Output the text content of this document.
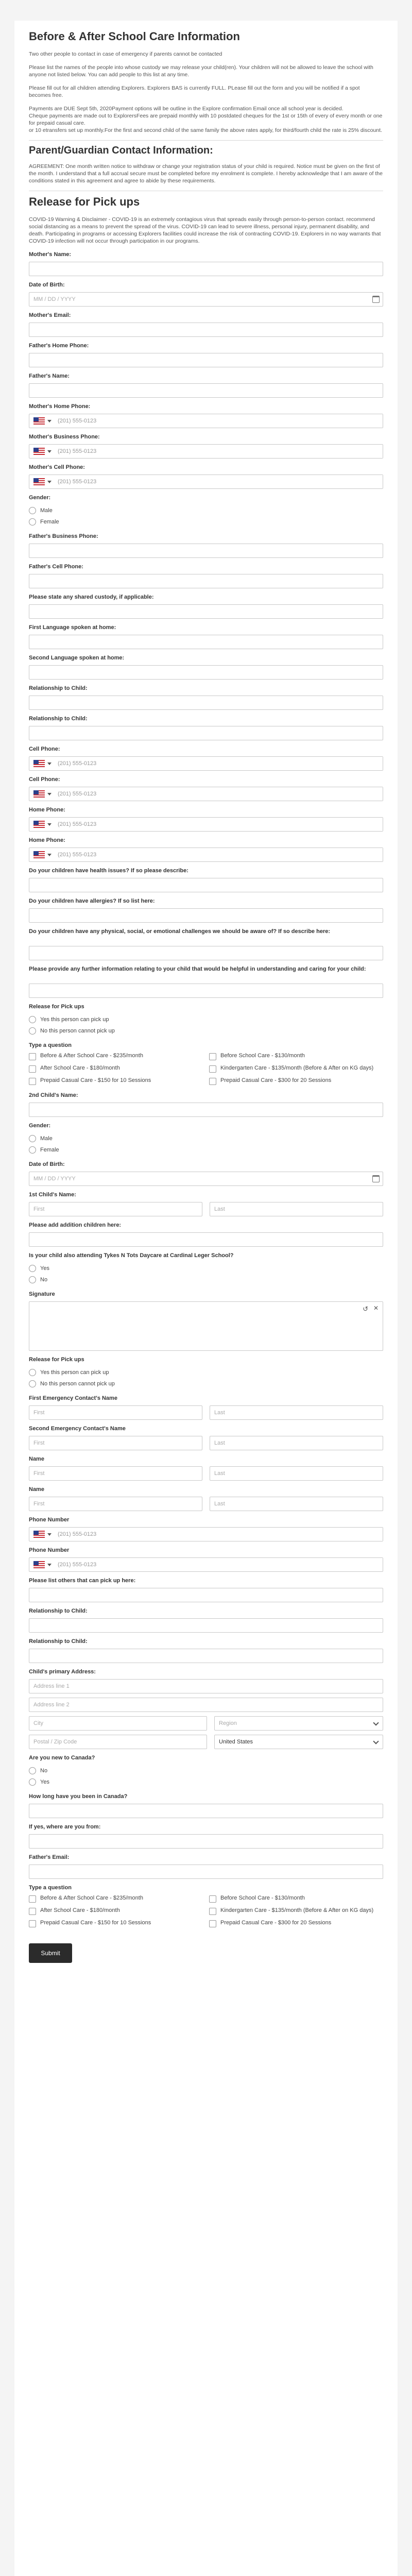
Before & After School Care Information

Two other people to contact in case of emergency if parents cannot be contacted

Please list the names of the people into whose custody we may release your child(ren). Your children will not be allowed to leave the school with anyone not listed below. You can add people to this list at any time.

Please fill out for all children attending Explorers. Explorers BAS is currently FULL. PLease fill out the form and you will be notified if a spot becomes free.

Payments are DUE Sept 5th, 2020Payment options will be outline in the Explore confirmation Email once all school year is decided.
Cheque payments are made out to ExplorersFees are prepaid monthly with 10 postdated cheques for the 1st or 15th of every of every month or one for prepaid casual care.
or 10 etransfers set up monthly.For the first and second child of the same family the above rates apply, for third/fourth child the rate is 25% discount.

Parent/Guardian Contact Information:

AGREEMENT: One month written notice to withdraw or change your registration status of your child is required. Notice must be given on the first of the month. I understand that a full accrual secure must be completed before my enrolment is complete. I hereby acknowledge that I am aware of the conditions stated in this agreement and agree to abide by these requirements.

Release for Pick ups

COVID-19 Warning & Disclaimer - COVID-19 is an extremely contagious virus that spreads easily through person-to-person contact. recommend social distancing as a means to prevent the spread of the virus. COVID-19 can lead to severe illness, personal injury, permanent disability, and death. Participating in programs or accessing Explorers facilities could increase the risk of contracting COVID-19. Explorers in no way warrants that COVID-19 infection will not occur through participation in our programs.

Mother's Name:
Date of Birth:
MM / DD / YYYY
Mother's Email:
Father's Home Phone:
Father's Name:
Mother's Home Phone:
(201) 555-0123
Mother's Business Phone:
(201) 555-0123
Mother's Cell Phone:
(201) 555-0123
Gender:
Male
Female
Father's Business Phone:
Father's Cell Phone:
Please state any shared custody, if applicable:
First Language spoken at home:
Second Language spoken at home:
Relationship to Child:
Relationship to Child:
Cell Phone:
(201) 555-0123
Cell Phone:
(201) 555-0123
Home Phone:
(201) 555-0123
Home Phone:
(201) 555-0123
Do your children have health issues? If so please describe:
Do your children have allergies? If so list here:
Do your children have any physical, social, or emotional challenges we should be aware of? If so describe here:
Please provide any further information relating to your child that would be helpful in understanding and caring for your child:
Release for Pick ups
Yes this person can pick up
No this person cannot pick up
Type a question
Before & After School Care - $235/month	Before School Care - $130/month
After School Care - $180/month	Kindergarten Care - $135/month (Before & After on KG days)
Prepaid Casual Care - $150 for 10 Sessions	Prepaid Casual Care - $300 for 20 Sessions
2nd Child's Name:
Gender:
Male
Female
Date of Birth:
MM / DD / YYYY
1st Child's Name:
First
Last
Please add addition children here:
Is your child also attending Tykes N Tots Daycare at Cardinal Leger School?
Yes
No
Signature
↺ ✕
Release for Pick ups
Yes this person can pick up
No this person cannot pick up
First Emergency Contact's Name
First
Last
Second Emergency Contact's Name
First
Last
Name
First
Last
Name
First
Last
Phone Number
(201) 555-0123
Phone Number
(201) 555-0123
Please list others that can pick up here:
Relationship to Child:
Relationship to Child:
Child's primary Address:
Address line 1 Address line 2
City
Region
Postal / Zip Code
United States
Are you new to Canada?
No
Yes
How long have you been in Canada?
If yes, where are you from:
Father's Email:
Type a question
Before & After School Care - $235/month	Before School Care - $130/month
After School Care - $180/month	Kindergarten Care - $135/month (Before & After on KG days)
Prepaid Casual Care - $150 for 10 Sessions	Prepaid Casual Care - $300 for 20 Sessions
Submit
